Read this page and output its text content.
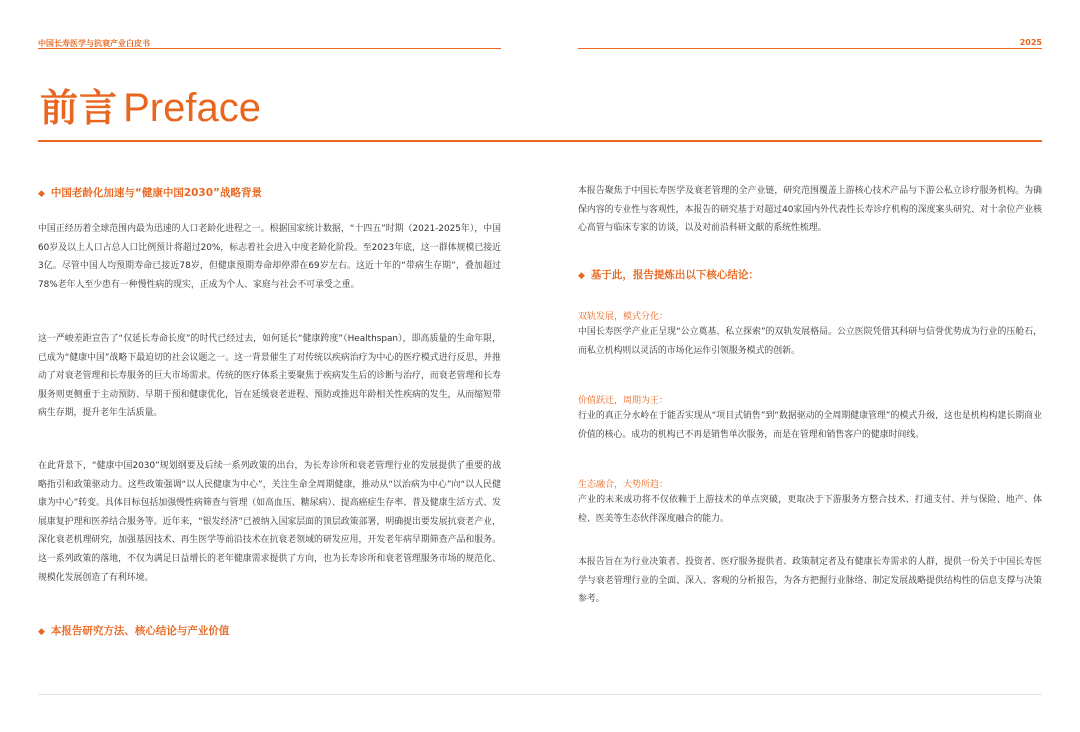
中国长寿医学与抗衰产业白皮书	2025
前言 Preface
◆ 中国老龄化加速与“健康中国2030”战略背景

中国正经历着全球范围内最为迅速的人口老龄化进程之一。根据国家统计数据，“十四五”时期（2021-2025年），中国60岁及以上人口占总人口比例预计将超过20%，标志着社会进入中度老龄化阶段。至2023年底，这一群体规模已接近3亿。尽管中国人均预期寿命已接近78岁，但健康预期寿命却停滞在69岁左右。这近十年的“带病生存期”，叠加超过78%老年人至少患有一种慢性病的现实，正成为个人、家庭与社会不可承受之重。

这一严峻差距宣告了“仅延长寿命长度”的时代已经过去，如何延长“健康跨度”（Healthspan），即高质量的生命年限，已成为“健康中国”战略下最迫切的社会议题之一。这一背景催生了对传统以疾病治疗为中心的医疗模式进行反思，并推动了对衰老管理和长寿服务的巨大市场需求。传统的医疗体系主要聚焦于疾病发生后的诊断与治疗，而衰老管理和长寿服务则更侧重于主动预防、早期干预和健康优化，旨在延缓衰老进程、预防或推迟年龄相关性疾病的发生，从而缩短带病生存期，提升老年生活质量。

在此背景下，“健康中国2030”规划纲要及后续一系列政策的出台，为长寿诊所和衰老管理行业的发展提供了重要的战略指引和政策驱动力。这些政策强调“以人民健康为中心”，关注生命全周期健康，推动从“以治病为中心”向“以人民健康为中心”转变。具体目标包括加强慢性病筛查与管理（如高血压、糖尿病）、提高癌症生存率、普及健康生活方式、发展康复护理和医养结合服务等。近年来，“银发经济”已被纳入国家层面的顶层政策部署，明确提出要发展抗衰老产业，深化衰老机理研究，加强基因技术、再生医学等前沿技术在抗衰老领域的研发应用，开发老年病早期筛查产品和服务。这一系列政策的落地，不仅为满足日益增长的老年健康需求提供了方向，也为长寿诊所和衰老管理服务市场的规范化、规模化发展创造了有利环境。

◆ 本报告研究方法、核心结论与产业价值

本报告聚焦于中国长寿医学及衰老管理的全产业链，研究范围覆盖上游核心技术产品与下游公私立诊疗服务机构。为确保内容的专业性与客观性，本报告的研究基于对超过40家国内外代表性长寿诊疗机构的深度案头研究、对十余位产业核心高管与临床专家的访谈，以及对前沿科研文献的系统性梳理。

◆ 基于此，报告提炼出以下核心结论：
双轨发展，模式分化：

中国长寿医学产业正呈现“公立奠基、私立探索”的双轨发展格局。公立医院凭借其科研与信誉优势成为行业的压舱石，而私立机构则以灵活的市场化运作引领服务模式的创新。

价值跃迁，周期为王：

行业的真正分水岭在于能否实现从“项目式销售”到“数据驱动的全周期健康管理”的模式升级，这也是机构构建长期商业价值的核心。成功的机构已不再是销售单次服务，而是在管理和销售客户的健康时间线。

生态融合，大势所趋：

产业的未来成功将不仅依赖于上游技术的单点突破，更取决于下游服务方整合技术、打通支付、并与保险、地产、体检、医美等生态伙伴深度融合的能力。

本报告旨在为行业决策者、投资者、医疗服务提供者、政策制定者及有健康长寿需求的人群，提供一份关于中国长寿医学与衰老管理行业的全面、深入、客观的分析报告，为各方把握行业脉络、制定发展战略提供结构性的信息支撑与决策参考。
